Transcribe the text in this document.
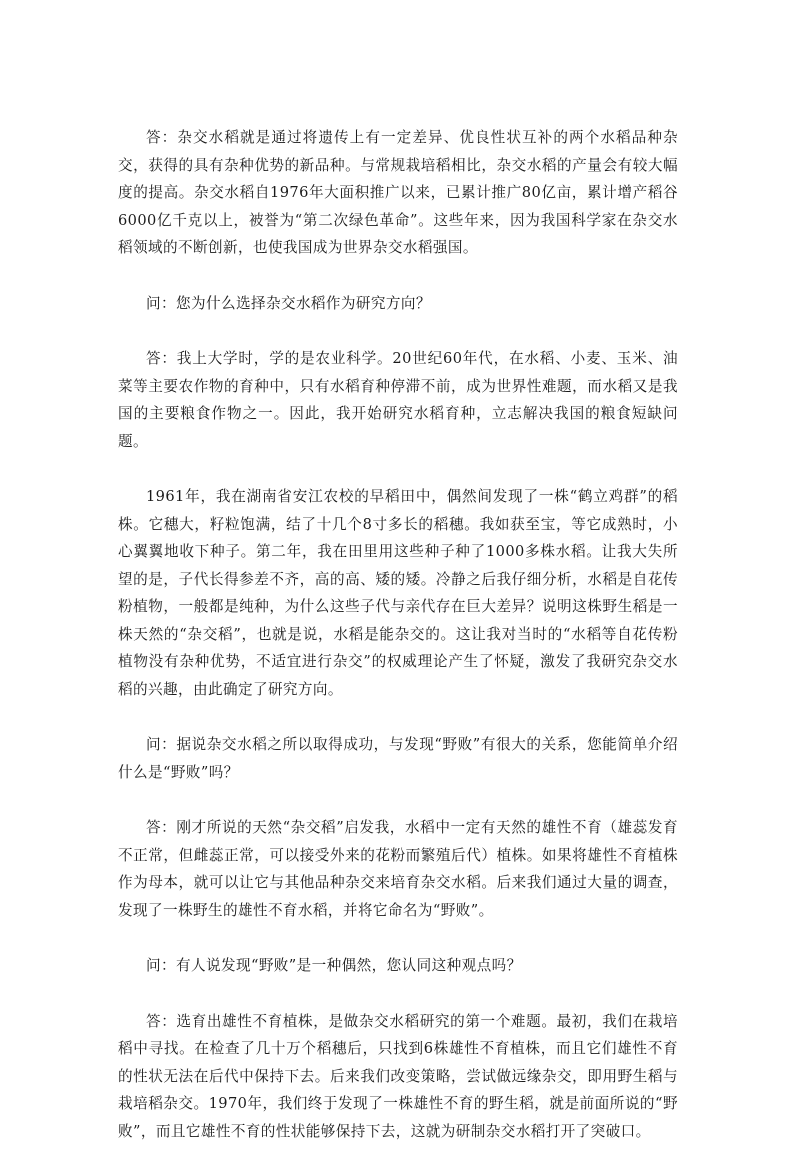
答：杂交水稻就是通过将遗传上有一定差异、优良性状互补的两个水稻品种杂交，获得的具有杂种优势的新品种。与常规栽培稻相比，杂交水稻的产量会有较大幅度的提高。杂交水稻自1976年大面积推广以来，已累计推广80亿亩，累计增产稻谷6000亿千克以上，被誉为“第二次绿色革命”。这些年来，因为我国科学家在杂交水稻领域的不断创新，也使我国成为世界杂交水稻强国。

问：您为什么选择杂交水稻作为研究方向？

答：我上大学时，学的是农业科学。20世纪60年代，在水稻、小麦、玉米、油菜等主要农作物的育种中，只有水稻育种停滞不前，成为世界性难题，而水稻又是我国的主要粮食作物之一。因此，我开始研究水稻育种，立志解决我国的粮食短缺问题。

1961年，我在湖南省安江农校的早稻田中，偶然间发现了一株“鹤立鸡群”的稻株。它穗大，籽粒饱满，结了十几个8寸多长的稻穗。我如获至宝，等它成熟时，小心翼翼地收下种子。第二年，我在田里用这些种子种了1000多株水稻。让我大失所望的是，子代长得参差不齐，高的高、矮的矮。冷静之后我仔细分析，水稻是自花传粉植物，一般都是纯种，为什么这些子代与亲代存在巨大差异？说明这株野生稻是一株天然的“杂交稻”，也就是说，水稻是能杂交的。这让我对当时的“水稻等自花传粉植物没有杂种优势，不适宜进行杂交”的权威理论产生了怀疑，激发了我研究杂交水稻的兴趣，由此确定了研究方向。

问：据说杂交水稻之所以取得成功，与发现“野败”有很大的关系，您能简单介绍什么是“野败”吗？

答：刚才所说的天然“杂交稻”启发我，水稻中一定有天然的雄性不育（雄蕊发育不正常，但雌蕊正常，可以接受外来的花粉而繁殖后代）植株。如果将雄性不育植株作为母本，就可以让它与其他品种杂交来培育杂交水稻。后来我们通过大量的调查，发现了一株野生的雄性不育水稻，并将它命名为“野败”。

问：有人说发现“野败”是一种偶然，您认同这种观点吗？

答：选育出雄性不育植株，是做杂交水稻研究的第一个难题。最初，我们在栽培稻中寻找。在检查了几十万个稻穗后，只找到6株雄性不育植株，而且它们雄性不育的性状无法在后代中保持下去。后来我们改变策略，尝试做远缘杂交，即用野生稻与栽培稻杂交。1970年，我们终于发现了一株雄性不育的野生稻，就是前面所说的“野败”，而且它雄性不育的性状能够保持下去，这就为研制杂交水稻打开了突破口。
